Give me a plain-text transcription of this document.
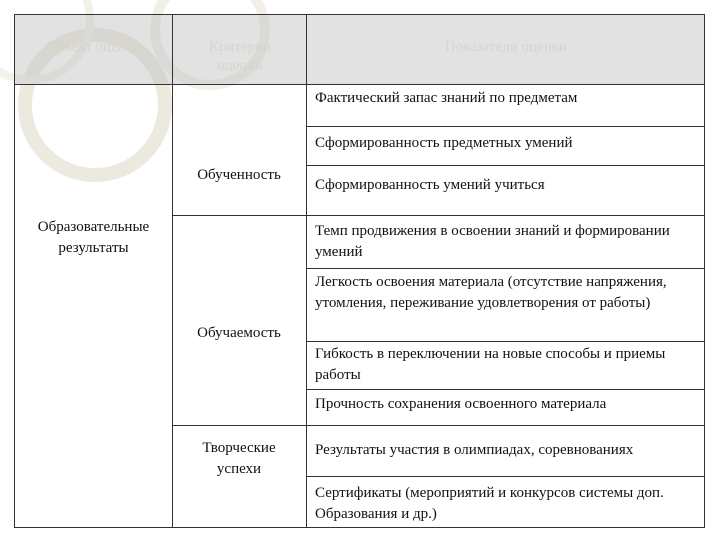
Объект оценки	Критерии оценки
Показатели оценки
Образовательные результаты
Обученность
Обучаемость
Творческие успехи
Фактический запас знаний по предметам
Сформированность предметных умений
Сформированность умений учиться
Темп продвижения в освоении знаний и формировании умений
Легкость освоения материала (отсутствие напряжения, утомления, переживание удовлетворения от работы)
Гибкость в переключении на новые способы и приемы работы
Прочность сохранения освоенного материала
Результаты участия в олимпиадах, соревнованиях
Сертификаты (мероприятий и конкурсов системы доп. Образования и др.)
